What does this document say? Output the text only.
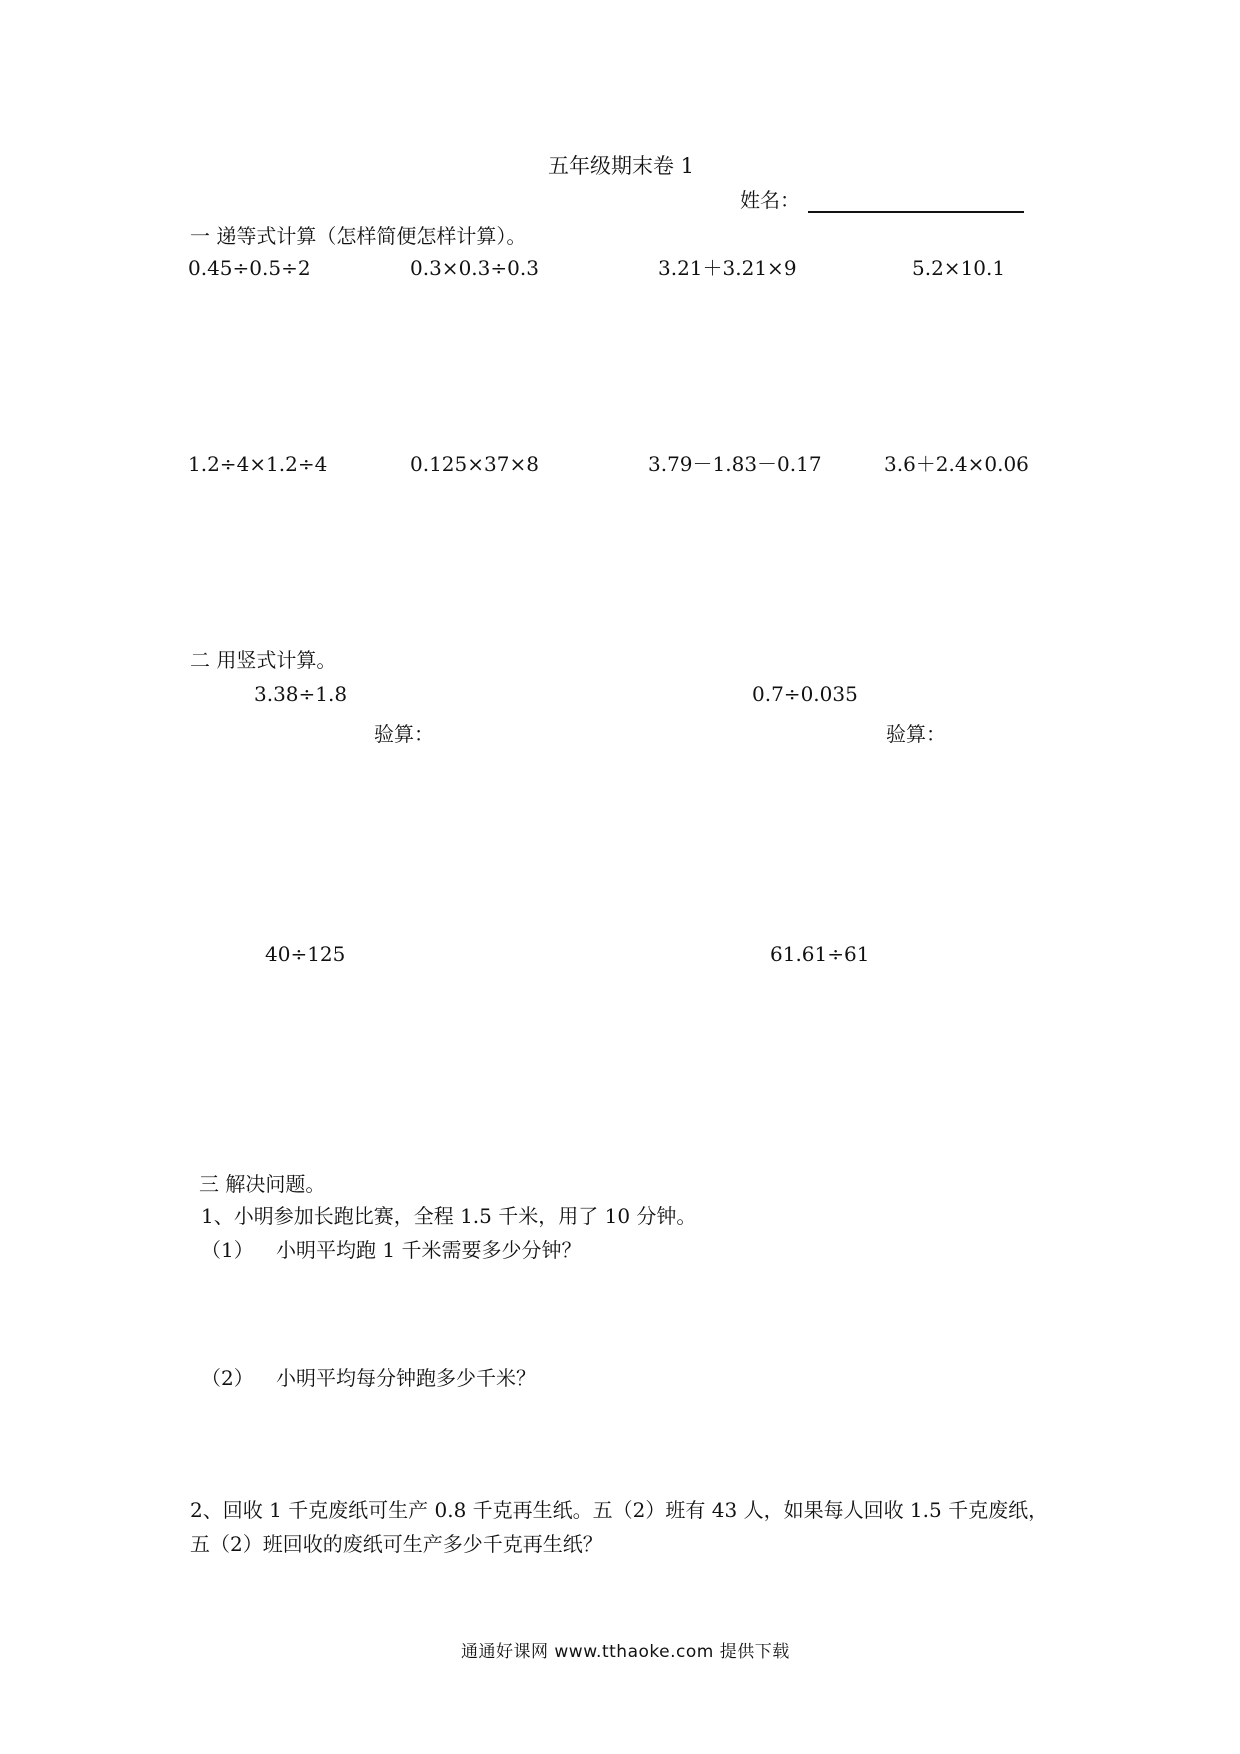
五年级期末卷 1
姓名：
一 递等式计算（怎样简便怎样计算）。
0.45÷0.5÷2	0.3×0.3÷0.3	3.21＋3.21×9	5.2×10.1
1.2÷4×1.2÷4	0.125×37×8	3.79－1.83－0.17	3.6＋2.4×0.06
二 用竖式计算。
3.38÷1.8	0.7÷0.035
验算：	验算：
40÷125	61.61÷61
三 解决问题。
1、小明参加长跑比赛，全程 1.5 千米，用了 10 分钟。
（1） 小明平均跑 1 千米需要多少分钟？
（2） 小明平均每分钟跑多少千米？
2、回收 1 千克废纸可生产 0.8 千克再生纸。五（2）班有 43 人，如果每人回收 1.5 千克废纸，
五（2）班回收的废纸可生产多少千克再生纸？
通通好课网 www.tthaoke.com 提供下载
